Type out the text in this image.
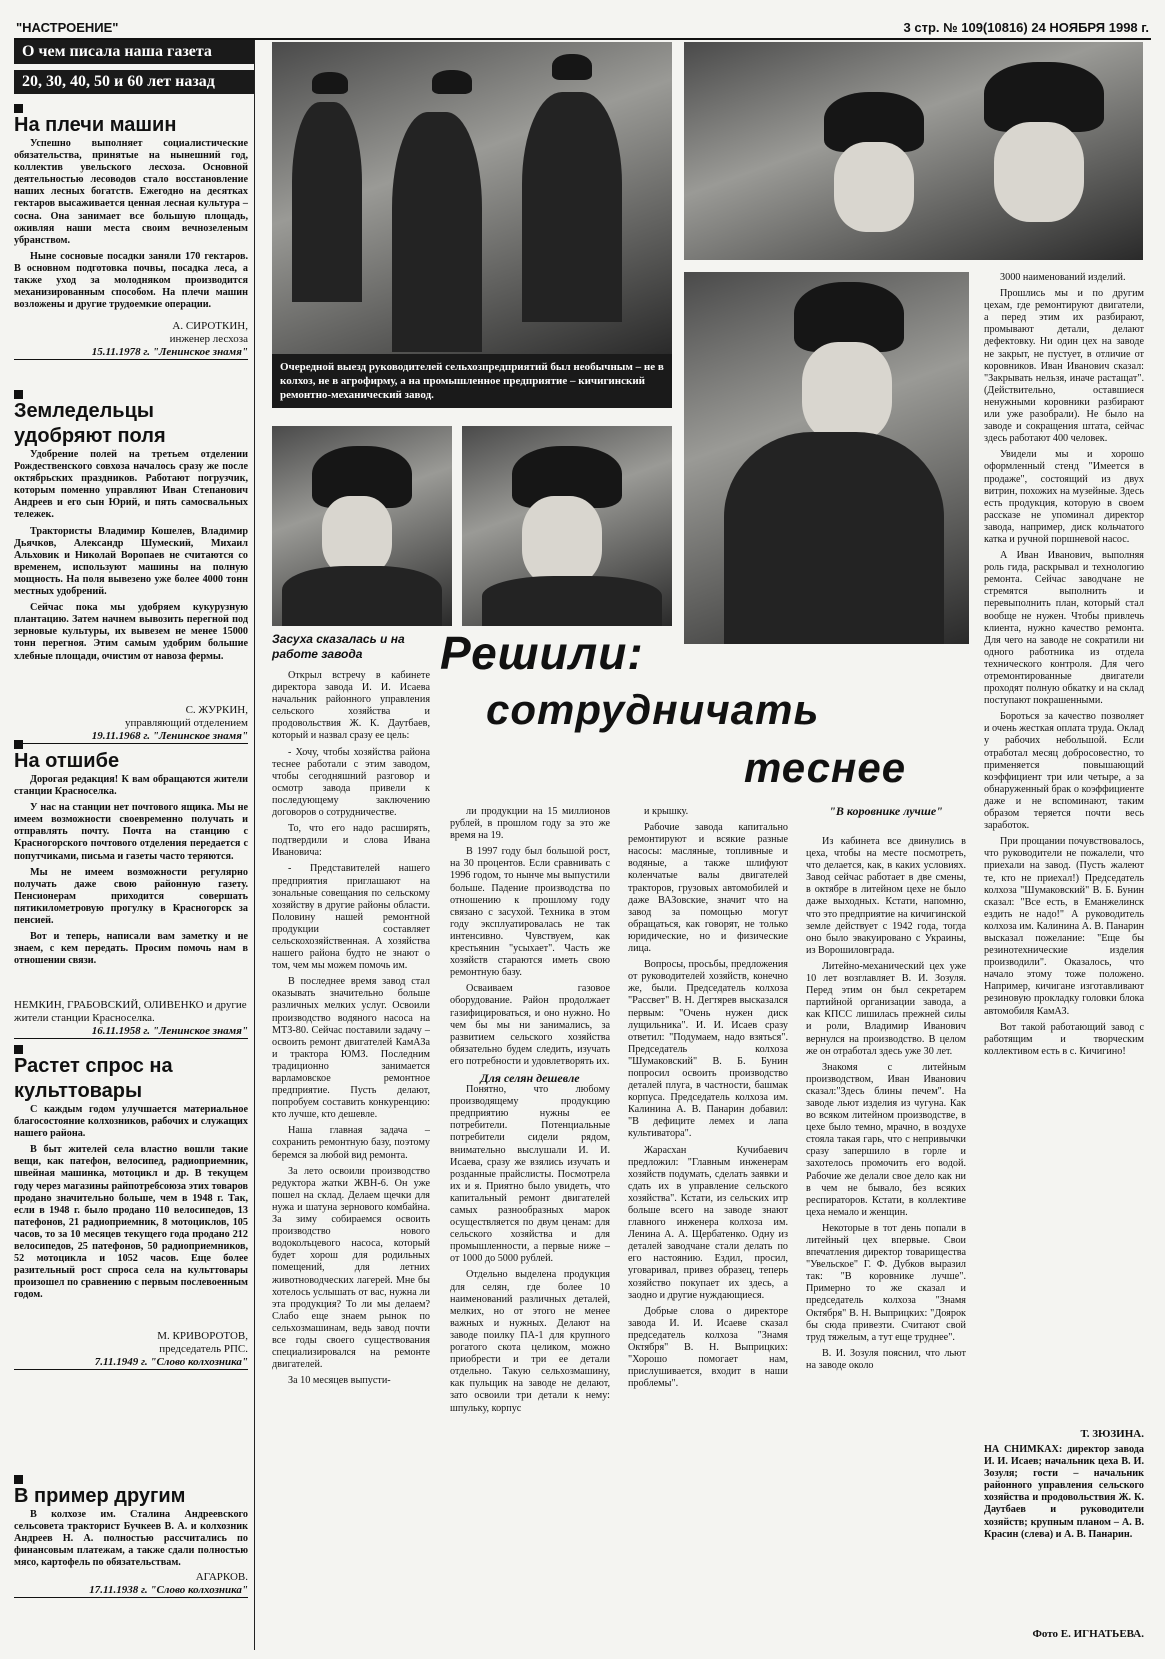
"НАСТРОЕНИЕ"	3 стр. № 109(10816) 24 НОЯБРЯ 1998 г.
О чем писала наша газета
20, 30, 40, 50 и 60 лет назад
На плечи машин

Успешно выполняет социалистические обязательства, принятые на нынешний год, коллектив увельского лесхоза. Основной деятельностью лесоводов стало восстановление наших лесных богатств. Ежегодно на десятках гектаров высаживается ценная лесная культура – сосна. Она занимает все большую площадь, оживляя наши места своим вечнозеленым убранством.

Ныне сосновые посадки заняли 170 гектаров. В основном подготовка почвы, посадка леса, а также уход за молодняком производится механизированным способом. На плечи машин возложены и другие трудоемкие операции.

А. СИРОТКИН,
инженер лесхоза
15.11.1978 г. "Ленинское знамя"
Земледельцы удобряют поля

Удобрение полей на третьем отделении Рождественского совхоза началось сразу же после октябрьских праздников. Работают погрузчик, которым поменно управляют Иван Степанович Андреев и его сын Юрий, и пять самосвальных тележек.

Трактористы Владимир Кошелев, Владимир Дьячков, Александр Шумеский, Михаил Альховик и Николай Воропаев не считаются со временем, используют машины на полную мощность. На поля вывезено уже более 4000 тонн местных удобрений.

Сейчас пока мы удобряем кукурузную плантацию. Затем начнем вывозить перегной под зерновые культуры, их вывезем не менее 15000 тонн перегноя. Этим самым удобрим большие хлебные площади, очистим от навоза фермы.

С. ЖУРКИН,
управляющий отделением
19.11.1968 г. "Ленинское знамя"
На отшибе

Дорогая редакция! К вам обращаются жители станции Красноселка.

У нас на станции нет почтового ящика. Мы не имеем возможности своевременно получать и отправлять почту. Почта на станцию с Красногорского почтового отделения передается с попутчиками, письма и газеты часто теряются.

Мы не имеем возможности регулярно получать даже свою районную газету. Пенсионерам приходится совершать пятикилометровую прогулку в Красногорск за пенсией.

Вот и теперь, написали вам заметку и не знаем, с кем передать. Просим помочь нам в отношении связи.

НЕМКИН, ГРАБОВСКИЙ, ОЛИВЕНКО и другие жители станции Красноселка.
16.11.1958 г. "Ленинское знамя"
Растет спрос на культтовары

С каждым годом улучшается материальное благосостояние колхозников, рабочих и служащих нашего района.

В быт жителей села властно вошли такие вещи, как патефон, велосипед, радиоприемник, швейная машинка, мотоцикл и др. В текущем году через магазины райпотребсоюза этих товаров продано значительно больше, чем в 1948 г. Так, если в 1948 г. было продано 110 велосипедов, 13 патефонов, 21 радиоприемник, 8 мотоциклов, 105 часов, то за 10 месяцев текущего года продано 212 велосипедов, 25 патефонов, 50 радиоприемников, 52 мотоцикла и 1052 часов. Еще более разительный рост спроса села на культтовары произошел по сравнению с первым послевоенным годом.

М. КРИВОРОТОВ,
председатель РПС.
7.11.1949 г. "Слово колхозника"
В пример другим

В колхозе им. Сталина Андреевского сельсовета тракторист Бучкеев В. А. и колхозник Андреев Н. А. полностью рассчитались по финансовым платежам, а также сдали полностью мясо, картофель по обязательствам.

АГАРКОВ.
17.11.1938 г. "Слово колхозника"
Очередной выезд руководителей сельхозпредприятий был необычным – не в колхоз, не в агрофирму, а на промышленное предприятие – кичигинский ремонтно-механический завод.
Засуха сказалась и на работе завода	Решили:
сотрудничать
теснее

Открыл встречу в кабинете директора завода И. И. Исаева начальник районного управления сельского хозяйства и продовольствия Ж. К. Даутбаев, который и назвал сразу ее цель:

- Хочу, чтобы хозяйства района теснее работали с этим заводом, чтобы сегодняшний разговор и осмотр завода привели к последующему заключению договоров о сотрудничестве.

То, что его надо расширять, подтвердили и слова Ивана Ивановича:

- Представителей нашего предприятия приглашают на зональные совещания по сельскому хозяйству в другие районы области. Половину нашей ремонтной продукции составляет сельскохозяйственная. А хозяйства нашего района будто не знают о том, чем мы можем помочь им.

В последнее время завод стал оказывать значительно больше различных мелких услуг. Освоили производство водяного насоса на МТЗ-80. Сейчас поставили задачу – освоить ремонт двигателей КамАЗа и трактора ЮМЗ. Последним традиционно занимается варламовское ремонтное предприятие. Пусть делают, попробуем составить конкуренцию: кто лучше, кто дешевле.

Наша главная задача – сохранить ремонтную базу, поэтому беремся за любой вид ремонта.

За лето освоили производство редуктора жатки ЖВН-6. Он уже пошел на склад. Делаем щечки для нужа и шатуна зернового комбайна. За зиму собираемся освоить производство нового водоколъцевого насоса, который будет хорош для родильных помещений, для летних животноводческих лагерей. Мне бы хотелось услышать от вас, нужна ли эта продукция? То ли мы делаем? Слабо еще знаем рынок по сельхозмашинам, ведь завод почти все годы своего существования специализировался на ремонте двигателей.

За 10 месяцев выпусти-

ли продукции на 15 миллионов рублей, в прошлом году за это же время на 19.

В 1997 году был большой рост, на 30 процентов. Если сравнивать с 1996 годом, то нынче мы выпустили больше. Падение производства по отношению к прошлому году связано с засухой. Техника в этом году эксплуатировалась не так интенсивно. Чувствуем, как крестьянин "усыхает". Часть же хозяйств стараются иметь свою ремонтную базу.

Осваиваем газовое оборудование. Район продолжает газифицироваться, и оно нужно. Но чем бы мы ни занимались, за развитием сельского хозяйства обязательно будем следить, изучать его потребности и удовлетворять их.

Для селян дешевле

Понятно, что любому производящему продукцию предприятию нужны ее потребители. Потенциальные потребители сидели рядом, внимательно выслушали И. И. Исаева, сразу же взялись изучать и розданные прайслисты. Посмотрела их и я. Приятно было увидеть, что капитальный ремонт двигателей самых разнообразных марок осуществляется по двум ценам: для сельского хозяйства и для промышленности, а первые ниже – от 1000 до 5000 рублей.

Отдельно выделена продукция для селян, где более 10 наименований различных деталей, мелких, но от этого не менее важных и нужных. Делают на заводе поилку ПА-1 для крупного рогатого скота целиком, можно приобрести и три ее детали отдельно. Такую сельхозмашину, как пульщик на заводе не делают, зато освоили три детали к нему: шпульку, корпус

и крышку.

Рабочие завода капитально ремонтируют и всякие разные насосы: масляные, топливные и водяные, а также шлифуют коленчатые валы двигателей тракторов, грузовых автомобилей и даже ВАЗовские, значит что на завод за помощью могут обращаться, как говорят, не только юридические, но и физические лица.

Вопросы, просьбы, предложения от руководителей хозяйств, конечно же, были. Председатель колхоза "Рассвет" В. Н. Дегтярев высказался первым: "Очень нужен диск лущильника". И. И. Исаев сразу ответил: "Подумаем, надо взяться". Председатель колхоза "Шумаковский" В. Б. Бунин попросил освоить производство деталей плуга, в частности, башмак корпуса. Председатель колхоза им. Калинина А. В. Панарин добавил: "В дефиците лемех и лапа культиватора".

Жарасхан Кучибаевич предложил: "Главным инженерам хозяйств подумать, сделать заявки и сдать их в управление сельского хозяйства". Кстати, из сельских итр больше всего на заводе знают главного инженера колхоза им. Ленина А. А. Щербатенко. Одну из деталей заводчане стали делать по его настоянию. Ездил, просил, уговаривал, привез образец, теперь хозяйство покупает их здесь, а заодно и другие нуждающиеся.

Добрые слова о директоре завода И. И. Исаеве сказал председатель колхоза "Знамя Октября" В. Н. Выприцких: "Хорошо помогает нам, прислушивается, входит в наши проблемы".

"В коровнике лучше"

Из кабинета все двинулись в цеха, чтобы на месте посмотреть, что делается, как, в каких условиях. Завод сейчас работает в две смены, в октябре в литейном цехе не было даже выходных. Кстати, напомню, что это предприятие на кичигинской земле действует с 1942 года, тогда оно было эвакуировано с Украины, из Ворошиловграда.

Литейно-механический цех уже 10 лет возглавляет В. И. Зозуля. Перед этим он был секретарем партийной организации завода, а как КПСС лишилась прежней силы и роли, Владимир Иванович вернулся на производство. В целом же он отработал здесь уже 30 лет.

Знакомя с литейным производством, Иван Иванович сказал:"Здесь блины печем". На заводе льют изделия из чугуна. Как во всяком литейном производстве, в цехе было темно, мрачно, в воздухе стояла такая гарь, что с непривычки сразу запершило в горле и захотелось промочить его водой. Рабочие же делали свое дело как ни в чем не бывало, без всяких респираторов. Кстати, в коллективе цеха немало и женщин.

Некоторые в тот день попали в литейный цех впервые. Свои впечатления директор товарищества "Увельское" Г. Ф. Дубков выразил так: "В коровнике лучше". Примерно то же сказал и председатель колхоза "Знамя Октября" В. Н. Выприцких: "Доярок бы сюда привезти. Считают свой труд тяжелым, а тут еще труднее".

В. И. Зозуля пояснил, что льют на заводе около

3000 наименований изделий.

Прошлись мы и по другим цехам, где ремонтируют двигатели, а перед этим их разбирают, промывают детали, делают дефектовку. Ни один цех на заводе не закрыт, не пустует, в отличие от коровников. Иван Иванович сказал: "Закрывать нельзя, иначе растащат". (Действительно, оставшиеся ненужными коровники разбирают или уже разобрали). Не было на заводе и сокращения штата, сейчас здесь работают 400 человек.

Увидели мы и хорошо оформленный стенд "Имеется в продаже", состоящий из двух витрин, похожих на музейные. Здесь есть продукция, которую в своем рассказе не упоминал директор завода, например, диск кольчатого катка и ручной поршневой насос.

А Иван Иванович, выполняя роль гида, раскрывал и технологию ремонта. Сейчас заводчане не стремятся выполнить и перевыполнить план, который стал вообще не нужен. Чтобы привлечь клиента, нужно качество ремонта. Для чего на заводе не сократили ни одного работника из отдела технического контроля. Для чего отремонтированные двигатели проходят полную обкатку и на склад поступают покрашенными.

Бороться за качество позволяет и очень жесткая оплата труда. Оклад у рабочих небольшой. Если отработал месяц добросовестно, то применяется повышающий коэффициент три или четыре, а за обнаруженный брак о коэффициенте даже и не вспоминают, таким образом теряется почти весь заработок.

При прощании почувствовалось, что руководители не пожалели, что приехали на завод. (Пусть жалеют те, кто не приехал!) Председатель колхоза "Шумаковский" В. Б. Бунин сказал: "Все есть, в Еманжелинск ездить не надо!" А руководитель колхоза им. Калинина А. В. Панарин высказал пожелание: "Еще бы резинотехнические изделия производили". Оказалось, что начало этому тоже положено. Например, кичигане изготавливают резиновую прокладку головки блока автомобиля КамАЗ.

Вот такой работающий завод с работящим и творческим коллективом есть в с. Кичигино!

Т. ЗЮЗИНА.
НА СНИМКАХ: директор завода И. И. Исаев; начальник цеха В. И. Зозуля; гости – начальник районного управления сельского хозяйства и продовольствия Ж. К. Даутбаев и руководители хозяйств; крупным планом – А. В. Красин (слева) и А. В. Панарин.
Фото Е. ИГНАТЬЕВА.
